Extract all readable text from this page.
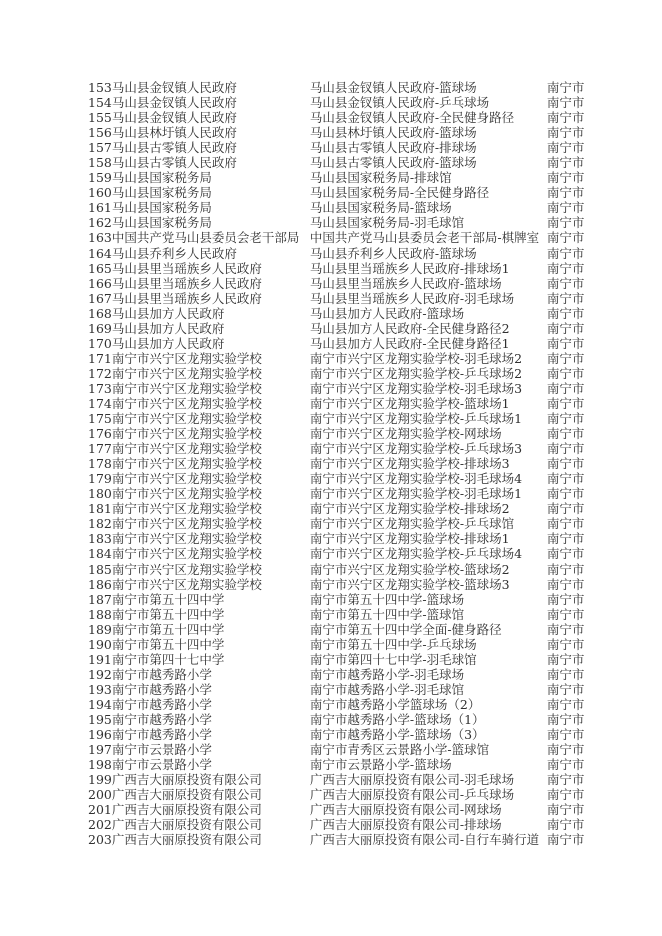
153 马山县金钗镇人民政府	马山县金钗镇人民政府-篮球场	南宁市
154 马山县金钗镇人民政府	马山县金钗镇人民政府-乒乓球场	南宁市
155 马山县金钗镇人民政府	马山县金钗镇人民政府-全民健身路径	南宁市
156 马山县林圩镇人民政府	马山县林圩镇人民政府-篮球场	南宁市
157 马山县古零镇人民政府	马山县古零镇人民政府-排球场	南宁市
158 马山县古零镇人民政府	马山县古零镇人民政府-篮球场	南宁市
159 马山县国家税务局	马山县国家税务局-排球馆	南宁市
160 马山县国家税务局	马山县国家税务局-全民健身路径	南宁市
161 马山县国家税务局	马山县国家税务局-篮球场	南宁市
162 马山县国家税务局	马山县国家税务局-羽毛球馆	南宁市
163 中国共产党马山县委员会老干部局 中国共产党马山县委员会老干部局-棋牌室 南宁市
164 马山县乔利乡人民政府	马山县乔利乡人民政府-篮球场	南宁市
165 马山县里当瑶族乡人民政府	马山县里当瑶族乡人民政府-排球场1	南宁市
166 马山县里当瑶族乡人民政府	马山县里当瑶族乡人民政府-篮球场	南宁市
167 马山县里当瑶族乡人民政府	马山县里当瑶族乡人民政府-羽毛球场	南宁市
168 马山县加方人民政府	马山县加方人民政府-篮球场	南宁市
169 马山县加方人民政府	马山县加方人民政府-全民健身路径2	南宁市
170 马山县加方人民政府	马山县加方人民政府-全民健身路径1	南宁市
171 南宁市兴宁区龙翔实验学校	南宁市兴宁区龙翔实验学校-羽毛球场2	南宁市
172 南宁市兴宁区龙翔实验学校	南宁市兴宁区龙翔实验学校-乒乓球场2	南宁市
173 南宁市兴宁区龙翔实验学校	南宁市兴宁区龙翔实验学校-羽毛球场3	南宁市
174 南宁市兴宁区龙翔实验学校	南宁市兴宁区龙翔实验学校-篮球场1	南宁市
175 南宁市兴宁区龙翔实验学校	南宁市兴宁区龙翔实验学校-乒乓球场1	南宁市
176 南宁市兴宁区龙翔实验学校	南宁市兴宁区龙翔实验学校-网球场	南宁市
177 南宁市兴宁区龙翔实验学校	南宁市兴宁区龙翔实验学校-乒乓球场3	南宁市
178 南宁市兴宁区龙翔实验学校	南宁市兴宁区龙翔实验学校-排球场3	南宁市
179 南宁市兴宁区龙翔实验学校	南宁市兴宁区龙翔实验学校-羽毛球场4	南宁市
180 南宁市兴宁区龙翔实验学校	南宁市兴宁区龙翔实验学校-羽毛球场1	南宁市
181 南宁市兴宁区龙翔实验学校	南宁市兴宁区龙翔实验学校-排球场2	南宁市
182 南宁市兴宁区龙翔实验学校	南宁市兴宁区龙翔实验学校-乒乓球馆	南宁市
183 南宁市兴宁区龙翔实验学校	南宁市兴宁区龙翔实验学校-排球场1	南宁市
184 南宁市兴宁区龙翔实验学校	南宁市兴宁区龙翔实验学校-乒乓球场4	南宁市
185 南宁市兴宁区龙翔实验学校	南宁市兴宁区龙翔实验学校-篮球场2	南宁市
186 南宁市兴宁区龙翔实验学校	南宁市兴宁区龙翔实验学校-篮球场3	南宁市
187 南宁市第五十四中学	南宁市第五十四中学-篮球场	南宁市
188 南宁市第五十四中学	南宁市第五十四中学-篮球馆	南宁市
189 南宁市第五十四中学	南宁市第五十四中学全面-健身路径	南宁市
190 南宁市第五十四中学	南宁市第五十四中学-乒乓球场	南宁市
191 南宁市第四十七中学	南宁市第四十七中学-羽毛球馆	南宁市
192 南宁市越秀路小学	南宁市越秀路小学-羽毛球场	南宁市
193 南宁市越秀路小学	南宁市越秀路小学-羽毛球馆	南宁市
194 南宁市越秀路小学	南宁市越秀路小学篮球场（2）	南宁市
195 南宁市越秀路小学	南宁市越秀路小学-篮球场（1）	南宁市
196 南宁市越秀路小学	南宁市越秀路小学-篮球场（3）	南宁市
197 南宁市云景路小学	南宁市青秀区云景路小学-篮球馆	南宁市
198 南宁市云景路小学	南宁市云景路小学-篮球场	南宁市
199 广西吉大丽原投资有限公司	广西吉大丽原投资有限公司-羽毛球场	南宁市
200 广西吉大丽原投资有限公司	广西吉大丽原投资有限公司-乒乓球场	南宁市
201 广西吉大丽原投资有限公司	广西吉大丽原投资有限公司-网球场	南宁市
202 广西吉大丽原投资有限公司	广西吉大丽原投资有限公司-排球场	南宁市
203 广西吉大丽原投资有限公司	广西吉大丽原投资有限公司-自行车骑行道 南宁市
